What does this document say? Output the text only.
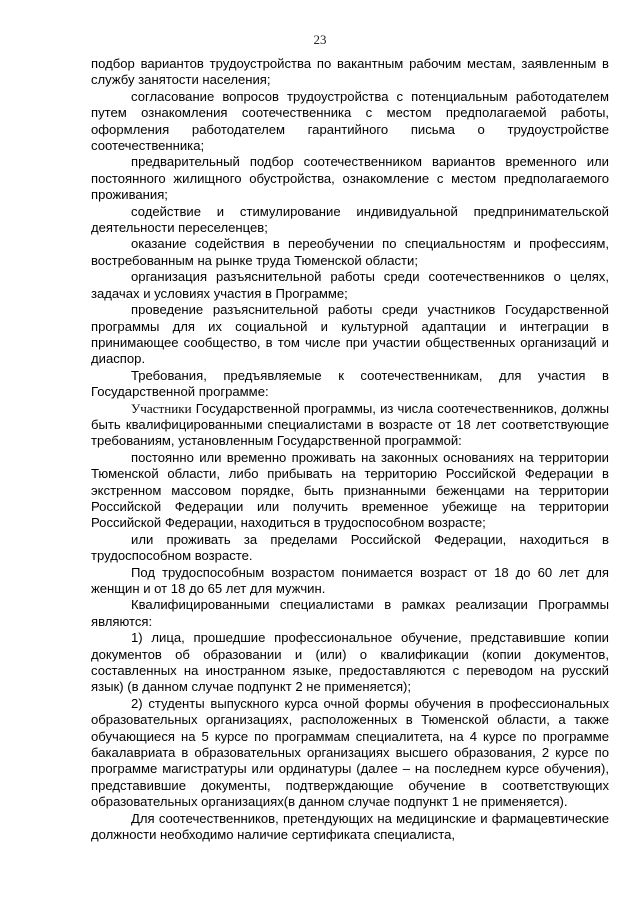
23

подбор вариантов трудоустройства по вакантным рабочим местам, заявленным в службу занятости населения;

согласование вопросов трудоустройства с потенциальным работодателем путем ознакомления соотечественника с местом предполагаемой работы, оформления работодателем гарантийного письма о трудоустройстве соотечественника;

предварительный подбор соотечественником вариантов временного или постоянного жилищного обустройства, ознакомление с местом предполагаемого проживания;

содействие и стимулирование индивидуальной предпринимательской деятельности переселенцев;

оказание содействия в переобучении по специальностям и профессиям, востребованным на рынке труда Тюменской области;

организация разъяснительной работы среди соотечественников о целях, задачах и условиях участия в Программе;

проведение разъяснительной работы среди участников Государственной программы для их социальной и культурной адаптации и интеграции в принимающее сообщество, в том числе при участии общественных организаций и диаспор.

Требования, предъявляемые к соотечественникам, для участия в Государственной программе:

Участники Государственной программы, из числа соотечественников, должны быть квалифицированными специалистами в возрасте от 18 лет соответствующие требованиям, установленным Государственной программой:

постоянно или временно проживать на законных основаниях на территории Тюменской области, либо прибывать на территорию Российской Федерации в экстренном массовом порядке, быть признанными беженцами на территории Российской Федерации или получить временное убежище на территории Российской Федерации, находиться в трудоспособном возрасте;

или проживать за пределами Российской Федерации, находиться в трудоспособном возрасте.

Под трудоспособным возрастом понимается возраст от 18 до 60 лет для женщин и от 18 до 65 лет для мужчин.

Квалифицированными специалистами в рамках реализации Программы являются:

1) лица, прошедшие профессиональное обучение, представившие копии документов об образовании и (или) о квалификации (копии документов, составленных на иностранном языке, предоставляются с переводом на русский язык) (в данном случае подпункт 2 не применяется);

2) студенты выпускного курса очной формы обучения в профессиональных образовательных организациях, расположенных в Тюменской области, а также обучающиеся на 5 курсе по программам специалитета, на 4 курсе по программе бакалавриата в образовательных организациях высшего образования, 2 курсе по программе магистратуры или ординатуры (далее – на последнем курсе обучения), представившие документы, подтверждающие обучение в соответствующих образовательных организациях(в данном случае подпункт 1 не применяется).

Для соотечественников, претендующих на медицинские и фармацевтические должности необходимо наличие сертификата специалиста,
